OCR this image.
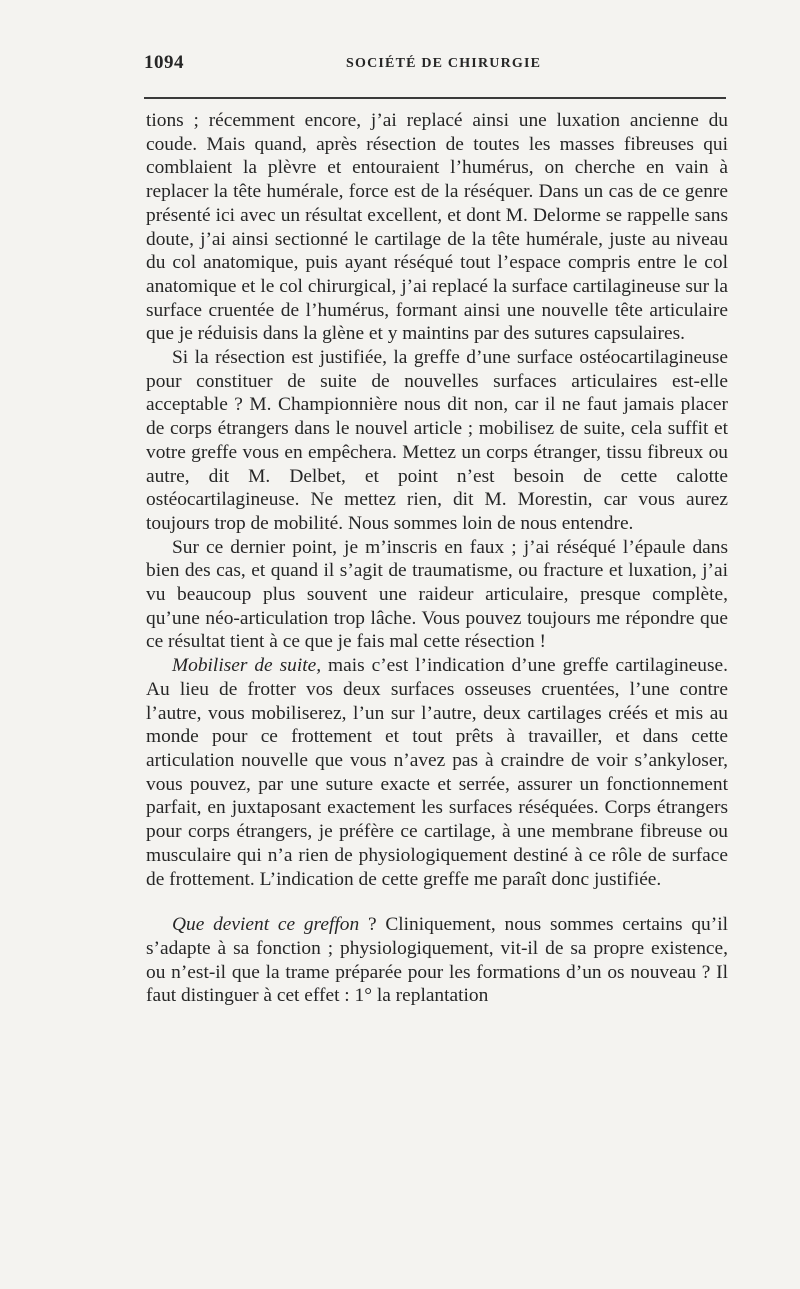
1094	SOCIÉTÉ DE CHIRURGIE

tions ; récemment encore, j’ai replacé ainsi une luxation ancienne du coude. Mais quand, après résection de toutes les masses fibreuses qui comblaient la plèvre et entouraient l’humérus, on cherche en vain à replacer la tête humérale, force est de la réséquer. Dans un cas de ce genre présenté ici avec un résultat excellent, et dont M. Delorme se rappelle sans doute, j’ai ainsi sectionné le cartilage de la tête humérale, juste au niveau du col anatomique, puis ayant réséqué tout l’espace compris entre le col anatomique et le col chirurgical, j’ai replacé la surface cartilagineuse sur la surface cruentée de l’humérus, formant ainsi une nouvelle tête articulaire que je réduisis dans la glène et y maintins par des sutures capsulaires.

Si la résection est justifiée, la greffe d’une surface ostéocartilagineuse pour constituer de suite de nouvelles surfaces articulaires est-elle acceptable ? M. Championnière nous dit non, car il ne faut jamais placer de corps étrangers dans le nouvel article ; mobilisez de suite, cela suffit et votre greffe vous en empêchera. Mettez un corps étranger, tissu fibreux ou autre, dit M. Delbet, et point n’est besoin de cette calotte ostéocartilagineuse. Ne mettez rien, dit M. Morestin, car vous aurez toujours trop de mobilité. Nous sommes loin de nous entendre.

Sur ce dernier point, je m’inscris en faux ; j’ai réséqué l’épaule dans bien des cas, et quand il s’agit de traumatisme, ou fracture et luxation, j’ai vu beaucoup plus souvent une raideur articulaire, presque complète, qu’une néo-articulation trop lâche. Vous pouvez toujours me répondre que ce résultat tient à ce que je fais mal cette résection !

Mobiliser de suite, mais c’est l’indication d’une greffe cartilagineuse. Au lieu de frotter vos deux surfaces osseuses cruentées, l’une contre l’autre, vous mobiliserez, l’un sur l’autre, deux cartilages créés et mis au monde pour ce frottement et tout prêts à travailler, et dans cette articulation nouvelle que vous n’avez pas à craindre de voir s’ankyloser, vous pouvez, par une suture exacte et serrée, assurer un fonctionnement parfait, en juxtaposant exactement les surfaces réséquées. Corps étrangers pour corps étrangers, je préfère ce cartilage, à une membrane fibreuse ou musculaire qui n’a rien de physiologiquement destiné à ce rôle de surface de frottement. L’indication de cette greffe me paraît donc justifiée.

Que devient ce greffon ? Cliniquement, nous sommes certains qu’il s’adapte à sa fonction ; physiologiquement, vit-il de sa propre existence, ou n’est-il que la trame préparée pour les formations d’un os nouveau ? Il faut distinguer à cet effet : 1° la replantation
